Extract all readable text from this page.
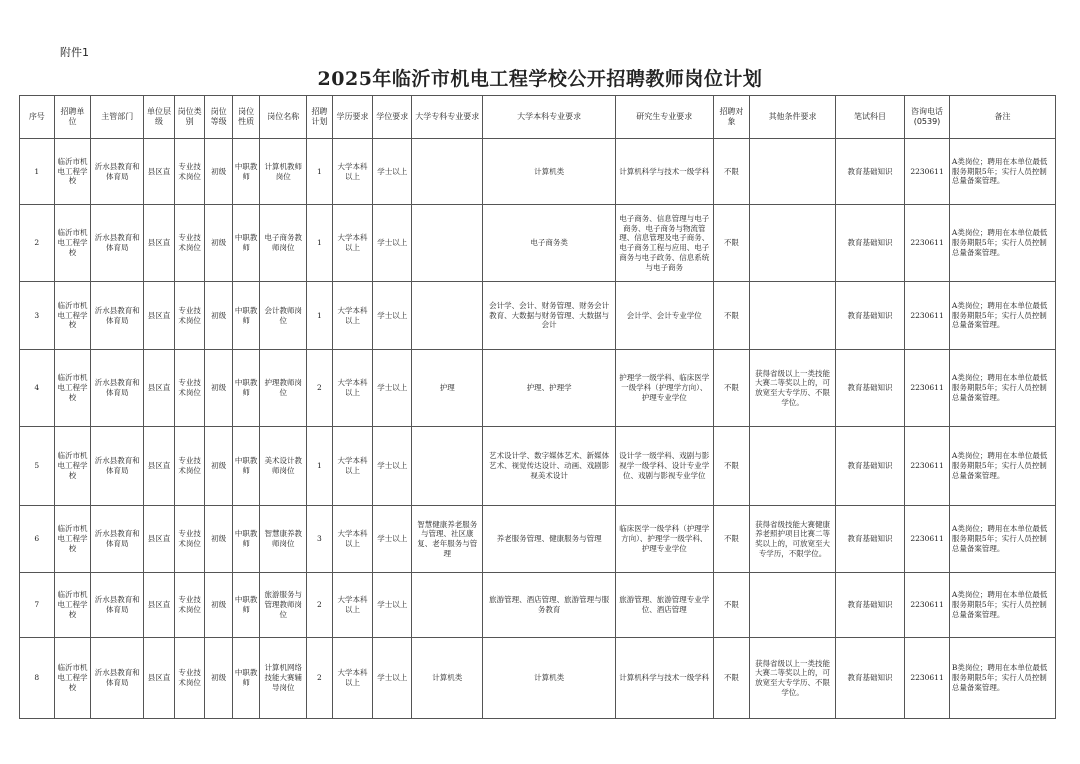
附件1
2025年临沂市机电工程学校公开招聘教师岗位计划
序号	招聘单位	主管部门	单位层级	岗位类别	岗位等级	岗位性质	岗位名称	招聘计划	学历要求	学位要求	大学专科专业要求	大学本科专业要求	研究生专业要求	招聘对象	其他条件要求	笔试科目	咨询电话(0539)	备注
1	临沂市机电工程学校	沂水县教育和体育局	县区直	专业技术岗位	初级	中职教师	计算机教师岗位	1	大学本科以上	学士以上		计算机类	计算机科学与技术一级学科	不限		教育基础知识	2230611	A类岗位；聘用在本单位最低服务期限5年；实行人员控制总量备案管理。
2	临沂市机电工程学校	沂水县教育和体育局	县区直	专业技术岗位	初级	中职教师	电子商务教师岗位	1	大学本科以上	学士以上		电子商务类	电子商务、信息管理与电子商务、电子商务与物流管理、信息管理及电子商务、电子商务工程与应用、电子商务与电子政务、信息系统与电子商务	不限		教育基础知识	2230611	A类岗位；聘用在本单位最低服务期限5年；实行人员控制总量备案管理。
3	临沂市机电工程学校	沂水县教育和体育局	县区直	专业技术岗位	初级	中职教师	会计教师岗位	1	大学本科以上	学士以上		会计学、会计、财务管理、财务会计教育、大数据与财务管理、大数据与会计	会计学、会计专业学位	不限		教育基础知识	2230611	A类岗位；聘用在本单位最低服务期限5年；实行人员控制总量备案管理。
4	临沂市机电工程学校	沂水县教育和体育局	县区直	专业技术岗位	初级	中职教师	护理教师岗位	2	大学本科以上	学士以上	护理	护理、护理学	护理学一级学科、临床医学一级学科（护理学方向）、护理专业学位	不限	获得省级以上一类技能大赛二等奖以上的，可放宽至大专学历、不限学位。	教育基础知识	2230611	A类岗位；聘用在本单位最低服务期限5年；实行人员控制总量备案管理。
5	临沂市机电工程学校	沂水县教育和体育局	县区直	专业技术岗位	初级	中职教师	美术设计教师岗位	1	大学本科以上	学士以上		艺术设计学、数字媒体艺术、新媒体艺术、视觉传达设计、动画、戏剧影视美术设计	设计学一级学科、戏剧与影视学一级学科、设计专业学位、戏剧与影视专业学位	不限		教育基础知识	2230611	A类岗位；聘用在本单位最低服务期限5年；实行人员控制总量备案管理。
6	临沂市机电工程学校	沂水县教育和体育局	县区直	专业技术岗位	初级	中职教师	智慧康养教师岗位	3	大学本科以上	学士以上	智慧健康养老服务与管理、社区康复、老年服务与管理	养老服务管理、健康服务与管理	临床医学一级学科（护理学方向）、护理学一级学科、护理专业学位	不限	获得省级技能大赛健康养老照护项目比赛二等奖以上的，可放宽至大专学历，不限学位。	教育基础知识	2230611	A类岗位；聘用在本单位最低服务期限5年；实行人员控制总量备案管理。
7	临沂市机电工程学校	沂水县教育和体育局	县区直	专业技术岗位	初级	中职教师	旅游服务与管理教师岗位	2	大学本科以上	学士以上		旅游管理、酒店管理、旅游管理与服务教育	旅游管理、旅游管理专业学位、酒店管理	不限		教育基础知识	2230611	A类岗位；聘用在本单位最低服务期限5年；实行人员控制总量备案管理。
8	临沂市机电工程学校	沂水县教育和体育局	县区直	专业技术岗位	初级	中职教师	计算机网络技能大赛辅导岗位	2	大学本科以上	学士以上	计算机类	计算机类	计算机科学与技术一级学科	不限	获得省级以上一类技能大赛二等奖以上的，可放宽至大专学历、不限学位。	教育基础知识	2230611	B类岗位；聘用在本单位最低服务期限5年；实行人员控制总量备案管理。
